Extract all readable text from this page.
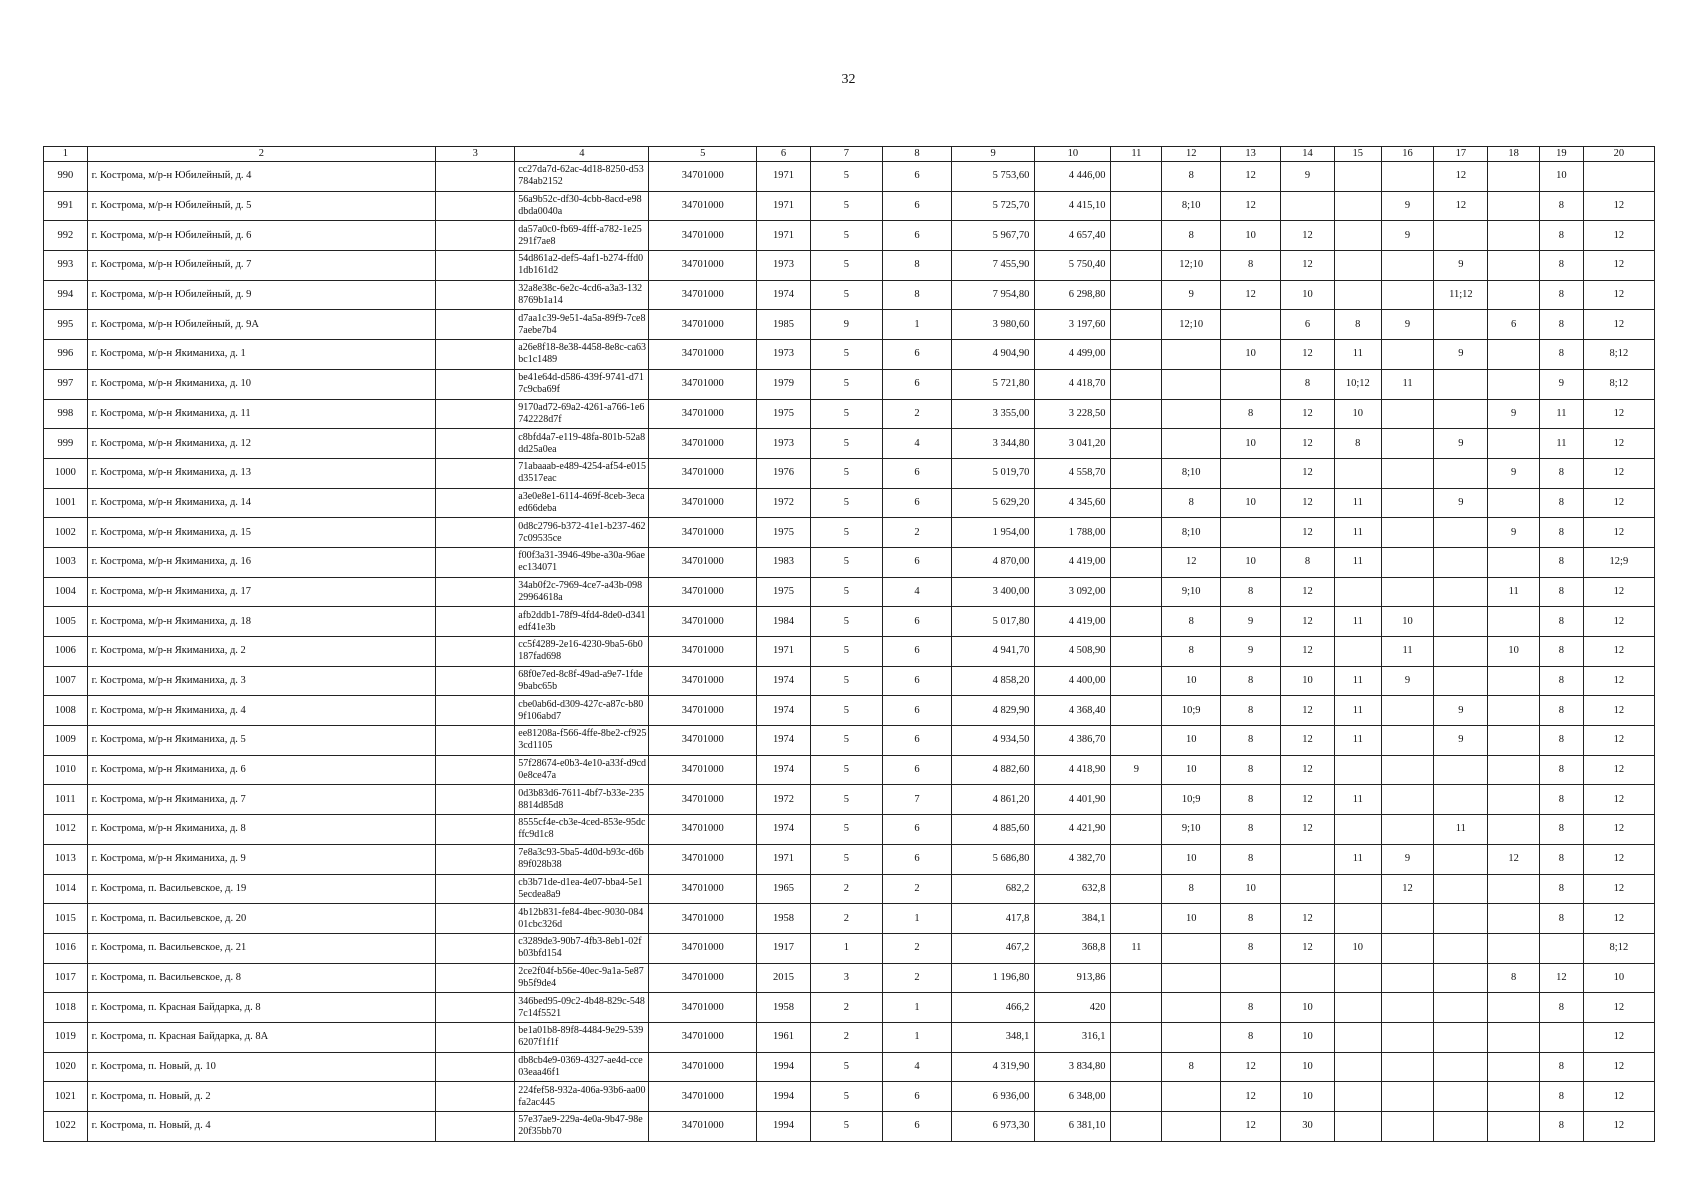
32
1	2	3	4	5	6	7	8	9	10	11	12	13	14	15	16	17	18	19	20
990	г. Кострома, м/р-н Юбилейный, д. 4		cc27da7d-62ac-4d18-8250-d53784ab2152	34701000	1971	5	6	5 753,60	4 446,00		8	12	9			12		10	
991	г. Кострома, м/р-н Юбилейный, д. 5		56a9b52c-df30-4cbb-8acd-e98dbda0040a	34701000	1971	5	6	5 725,70	4 415,10		8;10	12			9	12		8	12
992	г. Кострома, м/р-н Юбилейный, д. 6		da57a0c0-fb69-4fff-a782-1e25291f7ae8	34701000	1971	5	6	5 967,70	4 657,40		8	10	12		9			8	12
993	г. Кострома, м/р-н Юбилейный, д. 7		54d861a2-def5-4af1-b274-ffd01db161d2	34701000	1973	5	8	7 455,90	5 750,40		12;10	8	12			9		8	12
994	г. Кострома, м/р-н Юбилейный, д. 9		32a8e38c-6e2c-4cd6-a3a3-1328769b1a14	34701000	1974	5	8	7 954,80	6 298,80		9	12	10			11;12		8	12
995	г. Кострома, м/р-н Юбилейный, д. 9А		d7aa1c39-9e51-4a5a-89f9-7ce87aebe7b4	34701000	1985	9	1	3 980,60	3 197,60		12;10		6	8	9		6	8	12
996	г. Кострома, м/р-н Якиманиха, д. 1		a26e8f18-8e38-4458-8e8c-ca63bc1c1489	34701000	1973	5	6	4 904,90	4 499,00			10	12	11		9		8	8;12
997	г. Кострома, м/р-н Якиманиха, д. 10		be41e64d-d586-439f-9741-d717c9cba69f	34701000	1979	5	6	5 721,80	4 418,70				8	10;12	11			9	8;12
998	г. Кострома, м/р-н Якиманиха, д. 11		9170ad72-69a2-4261-a766-1e6742228d7f	34701000	1975	5	2	3 355,00	3 228,50			8	12	10			9	11	12
999	г. Кострома, м/р-н Якиманиха, д. 12		c8bfd4a7-e119-48fa-801b-52a8dd25a0ea	34701000	1973	5	4	3 344,80	3 041,20			10	12	8		9		11	12
1000	г. Кострома, м/р-н Якиманиха, д. 13		71abaaab-e489-4254-af54-e015d3517eac	34701000	1976	5	6	5 019,70	4 558,70		8;10		12				9	8	12
1001	г. Кострома, м/р-н Якиманиха, д. 14		a3e0e8e1-6114-469f-8ceb-3ecaed66deba	34701000	1972	5	6	5 629,20	4 345,60		8	10	12	11		9		8	12
1002	г. Кострома, м/р-н Якиманиха, д. 15		0d8c2796-b372-41e1-b237-4627c09535ce	34701000	1975	5	2	1 954,00	1 788,00		8;10		12	11			9	8	12
1003	г. Кострома, м/р-н Якиманиха, д. 16		f00f3a31-3946-49be-a30a-96aeec134071	34701000	1983	5	6	4 870,00	4 419,00		12	10	8	11				8	12;9
1004	г. Кострома, м/р-н Якиманиха, д. 17		34ab0f2c-7969-4ce7-a43b-09829964618a	34701000	1975	5	4	3 400,00	3 092,00		9;10	8	12				11	8	12
1005	г. Кострома, м/р-н Якиманиха, д. 18		afb2ddb1-78f9-4fd4-8de0-d341edf41e3b	34701000	1984	5	6	5 017,80	4 419,00		8	9	12	11	10			8	12
1006	г. Кострома, м/р-н Якиманиха, д. 2		cc5f4289-2e16-4230-9ba5-6b0187fad698	34701000	1971	5	6	4 941,70	4 508,90		8	9	12		11		10	8	12
1007	г. Кострома, м/р-н Якиманиха, д. 3		68f0e7ed-8c8f-49ad-a9e7-1fde9babc65b	34701000	1974	5	6	4 858,20	4 400,00		10	8	10	11	9			8	12
1008	г. Кострома, м/р-н Якиманиха, д. 4		cbe0ab6d-d309-427c-a87c-b809f106abd7	34701000	1974	5	6	4 829,90	4 368,40		10;9	8	12	11		9		8	12
1009	г. Кострома, м/р-н Якиманиха, д. 5		ee81208a-f566-4ffe-8be2-cf9253cd1105	34701000	1974	5	6	4 934,50	4 386,70		10	8	12	11		9		8	12
1010	г. Кострома, м/р-н Якиманиха, д. 6		57f28674-e0b3-4e10-a33f-d9cd0e8ce47a	34701000	1974	5	6	4 882,60	4 418,90	9	10	8	12					8	12
1011	г. Кострома, м/р-н Якиманиха, д. 7		0d3b83d6-7611-4bf7-b33e-2358814d85d8	34701000	1972	5	7	4 861,20	4 401,90		10;9	8	12	11				8	12
1012	г. Кострома, м/р-н Якиманиха, д. 8		8555cf4e-cb3e-4ced-853e-95dcffc9d1c8	34701000	1974	5	6	4 885,60	4 421,90		9;10	8	12			11		8	12
1013	г. Кострома, м/р-н Якиманиха, д. 9		7e8a3c93-5ba5-4d0d-b93c-d6b89f028b38	34701000	1971	5	6	5 686,80	4 382,70		10	8		11	9		12	8	12
1014	г. Кострома, п. Васильевское, д. 19		cb3b71de-d1ea-4e07-bba4-5e15ecdea8a9	34701000	1965	2	2	682,2	632,8		8	10			12			8	12
1015	г. Кострома, п. Васильевское, д. 20		4b12b831-fe84-4bec-9030-08401cbc326d	34701000	1958	2	1	417,8	384,1		10	8	12					8	12
1016	г. Кострома, п. Васильевское, д. 21		c3289de3-90b7-4fb3-8eb1-02fb03bfd154	34701000	1917	1	2	467,2	368,8	11		8	12	10					8;12
1017	г. Кострома, п. Васильевское, д. 8		2ce2f04f-b56e-40ec-9a1a-5e879b5f9de4	34701000	2015	3	2	1 196,80	913,86								8	12	10
1018	г. Кострома, п. Красная Байдарка, д. 8		346bed95-09c2-4b48-829c-5487c14f5521	34701000	1958	2	1	466,2	420			8	10					8	12
1019	г. Кострома, п. Красная Байдарка, д. 8А		be1a01b8-89f8-4484-9e29-5396207f1f1f	34701000	1961	2	1	348,1	316,1			8	10						12
1020	г. Кострома, п. Новый, д. 10		db8cb4e9-0369-4327-ae4d-cce03eaa46f1	34701000	1994	5	4	4 319,90	3 834,80		8	12	10					8	12
1021	г. Кострома, п. Новый, д. 2		224fef58-932a-406a-93b6-aa00fa2ac445	34701000	1994	5	6	6 936,00	6 348,00			12	10					8	12
1022	г. Кострома, п. Новый, д. 4		57e37ae9-229a-4e0a-9b47-98e20f35bb70	34701000	1994	5	6	6 973,30	6 381,10			12	30					8	12
